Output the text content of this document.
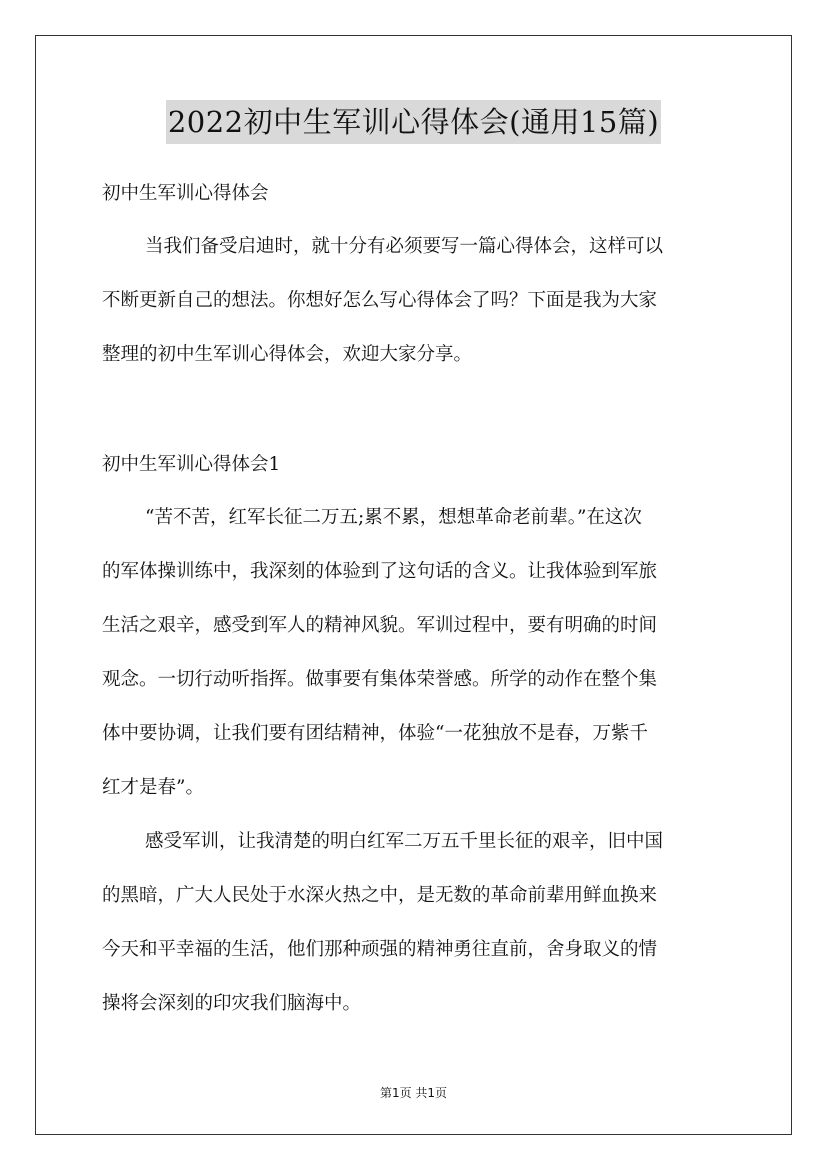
2022初中生军训心得体会(通用15篇)
初中生军训心得体会
当我们备受启迪时，就十分有必须要写一篇心得体会，这样可以
不断更新自己的想法。你想好怎么写心得体会了吗？下面是我为大家
整理的初中生军训心得体会，欢迎大家分享。
初中生军训心得体会1
“苦不苦，红军长征二万五;累不累，想想革命老前辈。”在这次
的军体操训练中，我深刻的体验到了这句话的含义。让我体验到军旅
生活之艰辛，感受到军人的精神风貌。军训过程中，要有明确的时间
观念。一切行动听指挥。做事要有集体荣誉感。所学的动作在整个集
体中要协调，让我们要有团结精神，体验“一花独放不是春，万紫千
红才是春”。
感受军训，让我清楚的明白红军二万五千里长征的艰辛，旧中国
的黑暗，广大人民处于水深火热之中，是无数的革命前辈用鲜血换来
今天和平幸福的生活，他们那种顽强的精神勇往直前，舍身取义的情
操将会深刻的印灾我们脑海中。
第1页 共1页
